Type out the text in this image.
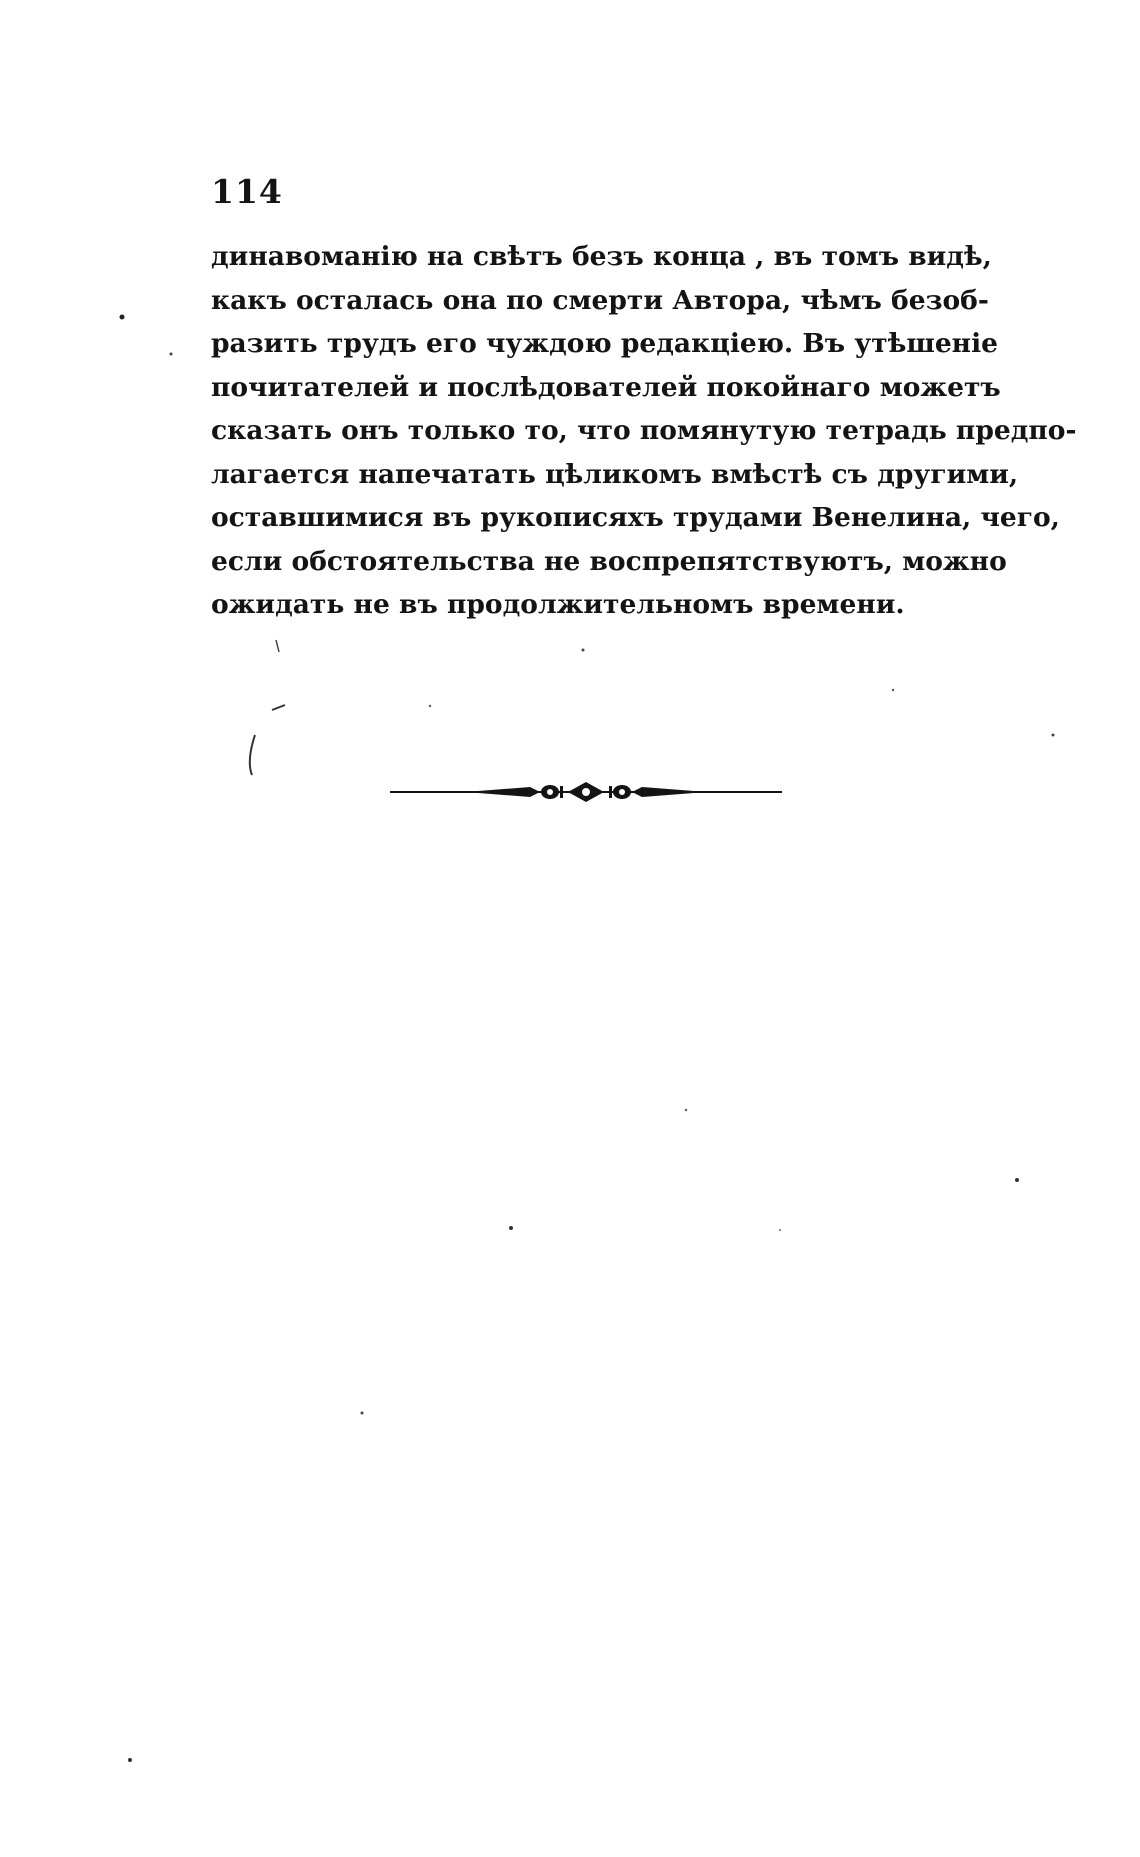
114
динавоманію на свѣтъ безъ конца , въ томъ видѣ,
какъ осталась она по смерти Автора, чѣмъ безоб-
разить трудъ его чуждою редакціею. Въ утѣшеніе
почитателей и послѣдователей покойнаго можетъ
сказать онъ только то, что помянутую тетрадь предпо-
лагается напечатать цѣликомъ вмѣстѣ съ другими,
оставшимися въ рукописяхъ трудами Венелина, чего,
если обстоятельства не воспрепятствуютъ, можно
ожидать не въ продолжительномъ времени.
